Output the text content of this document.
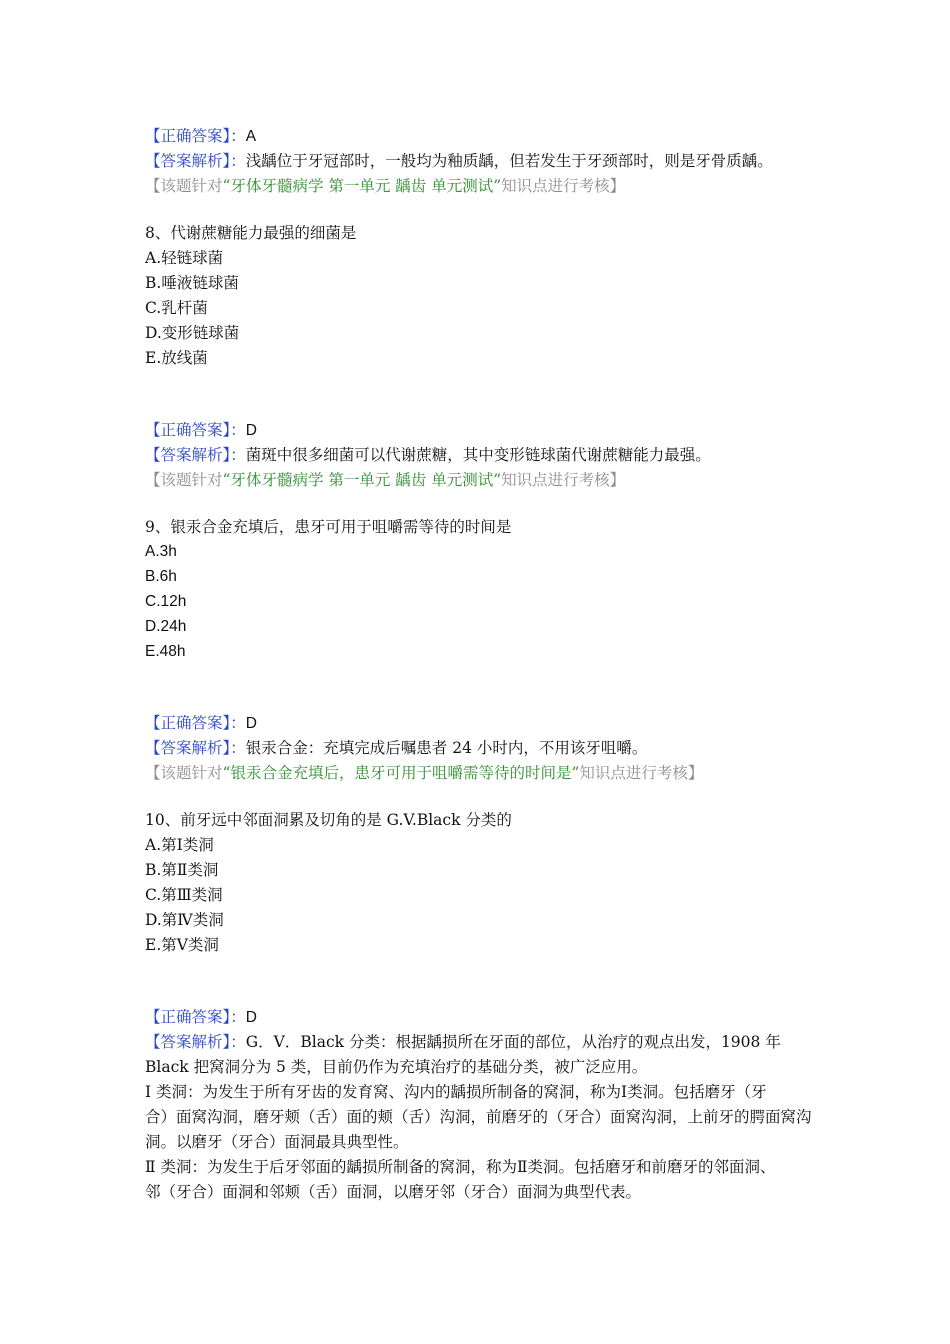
【正确答案】：A
【答案解析】：浅龋位于牙冠部时，一般均为釉质龋，但若发生于牙颈部时，则是牙骨质龋。
【该题针对“牙体牙髓病学 第一单元 龋齿 单元测试”知识点进行考核】
8、代谢蔗糖能力最强的细菌是
A.轻链球菌
B.唾液链球菌
C.乳杆菌
D.变形链球菌
E.放线菌
【正确答案】：D
【答案解析】：菌斑中很多细菌可以代谢蔗糖，其中变形链球菌代谢蔗糖能力最强。
【该题针对“牙体牙髓病学 第一单元 龋齿 单元测试”知识点进行考核】
9、银汞合金充填后，患牙可用于咀嚼需等待的时间是
A.3h
B.6h
C.12h
D.24h
E.48h
【正确答案】：D
【答案解析】：银汞合金：充填完成后嘱患者 24 小时内，不用该牙咀嚼。
【该题针对“银汞合金充填后，患牙可用于咀嚼需等待的时间是”知识点进行考核】
10、前牙远中邻面洞累及切角的是 G.V.Black 分类的
A.第Ⅰ类洞
B.第Ⅱ类洞
C.第Ⅲ类洞
D.第Ⅳ类洞
E.第Ⅴ类洞
【正确答案】：D
【答案解析】：G．V．Black 分类：根据龋损所在牙面的部位，从治疗的观点出发，1908 年
Black 把窝洞分为 5 类，目前仍作为充填治疗的基础分类，被广泛应用。
Ⅰ 类洞：为发生于所有牙齿的发育窝、沟内的龋损所制备的窝洞，称为Ⅰ类洞。包括磨牙（牙
合）面窝沟洞，磨牙颊（舌）面的颊（舌）沟洞，前磨牙的（牙合）面窝沟洞，上前牙的腭面窝沟
洞。以磨牙（牙合）面洞最具典型性。
Ⅱ 类洞：为发生于后牙邻面的龋损所制备的窝洞，称为Ⅱ类洞。包括磨牙和前磨牙的邻面洞、
邻（牙合）面洞和邻颊（舌）面洞，以磨牙邻（牙合）面洞为典型代表。
